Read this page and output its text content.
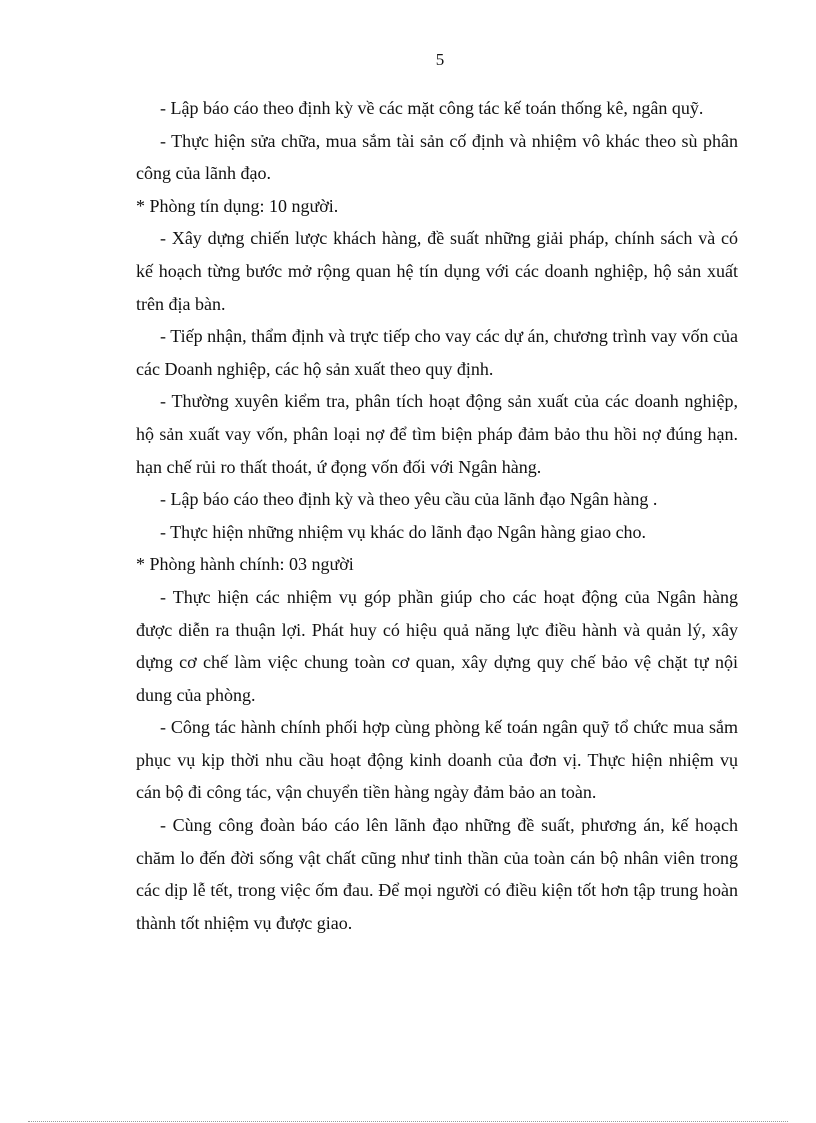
5

- Lập báo cáo theo định kỳ về các mặt công tác kế toán thống kê, ngân quỹ.

- Thực hiện sửa chữa, mua sắm tài sản cố định và nhiệm vô khác theo sù phân công của lãnh đạo.

* Phòng tín dụng: 10 người.

- Xây dựng chiến lược khách hàng, đề suất những giải pháp, chính sách và có kế hoạch từng bước mở rộng quan hệ tín dụng với các doanh nghiệp, hộ sản xuất trên địa bàn.

- Tiếp nhận, thẩm định và trực tiếp cho vay các dự án, chương trình vay vốn của các Doanh nghiệp, các hộ sản xuất theo quy định.

- Thường xuyên kiểm tra, phân tích hoạt động sản xuất của các doanh nghiệp, hộ sản xuất vay vốn, phân loại nợ để tìm biện pháp đảm bảo thu hồi nợ đúng hạn. hạn chế rủi ro thất thoát, ứ đọng vốn đối với Ngân hàng.

- Lập báo cáo theo định kỳ và theo yêu cầu của lãnh đạo Ngân hàng .

- Thực hiện những nhiệm vụ khác do lãnh đạo Ngân hàng giao cho.

* Phòng hành chính: 03 người

- Thực hiện các nhiệm vụ góp phần giúp cho các hoạt động của Ngân hàng được diễn ra thuận lợi. Phát huy có hiệu quả năng lực điều hành và quản lý, xây dựng cơ chế làm việc chung toàn cơ quan, xây dựng quy chế bảo vệ chặt tự nội dung của phòng.

- Công tác hành chính phối hợp cùng phòng kế toán ngân quỹ tổ chức mua sắm phục vụ kịp thời nhu cầu hoạt động kinh doanh của đơn vị. Thực hiện nhiệm vụ cán bộ đi công tác, vận chuyển tiền hàng ngày đảm bảo an toàn.

- Cùng công đoàn báo cáo lên lãnh đạo những đề suất, phương án, kế hoạch chăm lo đến đời sống vật chất cũng như tinh thần của toàn cán bộ nhân viên trong các dịp lễ tết, trong việc ốm đau. Để mọi người có điều kiện tốt hơn tập trung hoàn thành tốt nhiệm vụ được giao.
